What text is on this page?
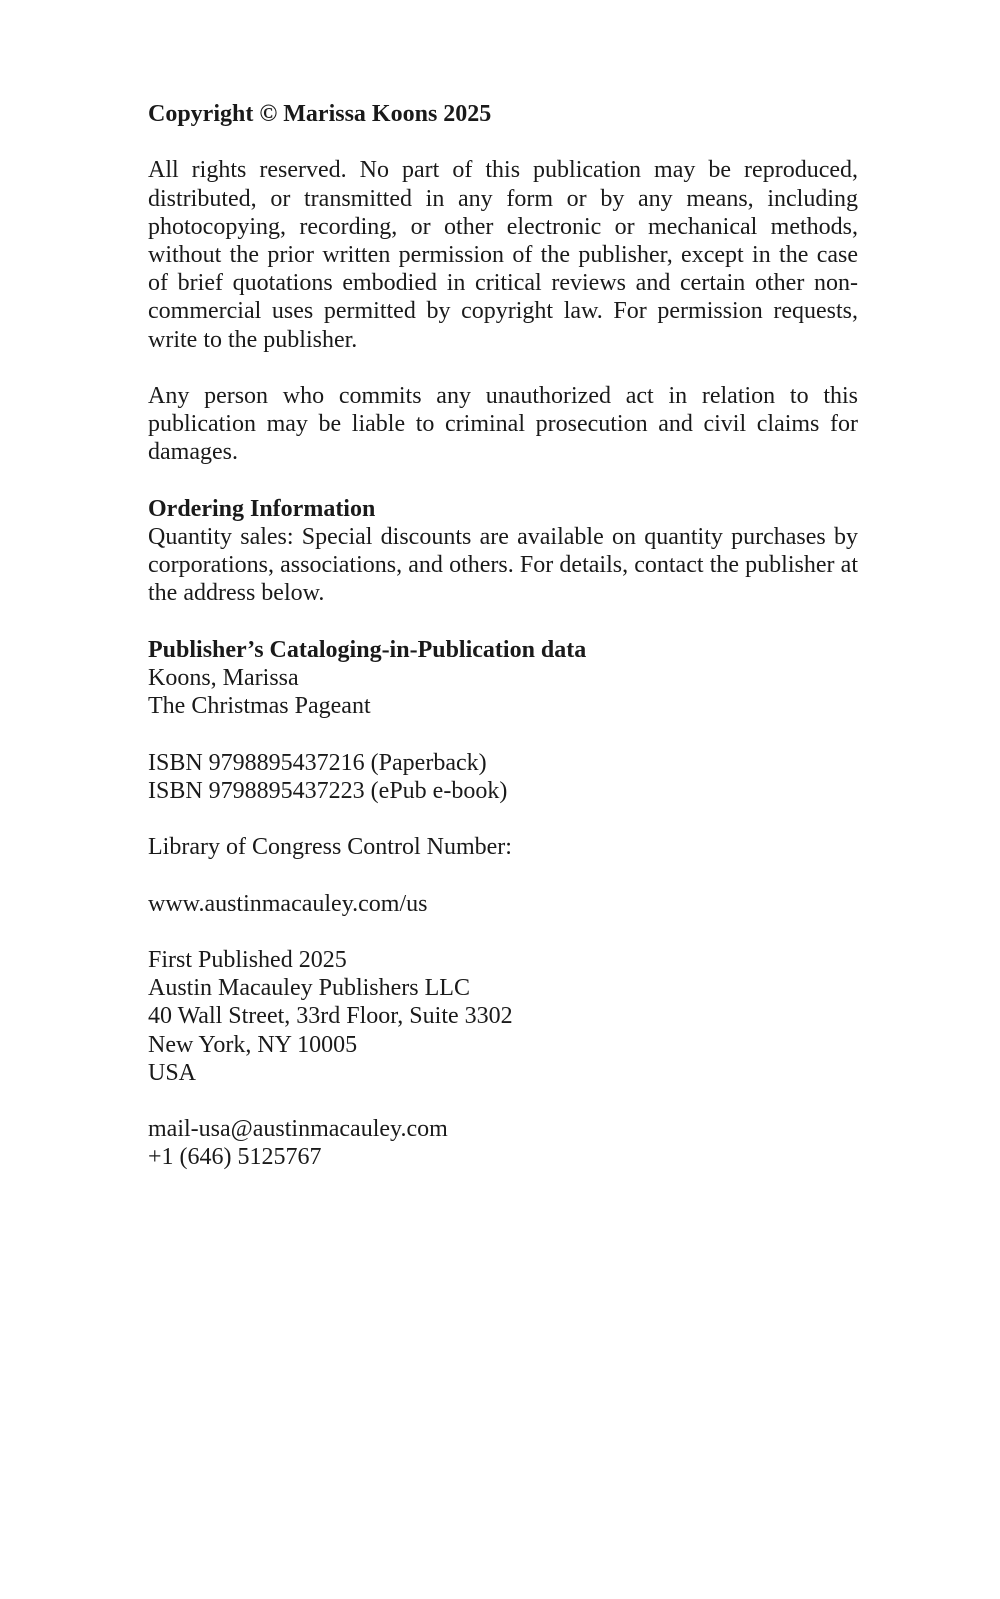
Copyright © Marissa Koons 2025
All rights reserved. No part of this publication may be reproduced, distributed, or transmitted in any form or by any means, including photocopying, recording, or other electronic or mechanical methods, without the prior written permission of the publisher, except in the case of brief quotations embodied in critical reviews and certain other non-commercial uses permitted by copyright law. For permission requests, write to the publisher.
Any person who commits any unauthorized act in relation to this publication may be liable to criminal prosecution and civil claims for damages.
Ordering Information
Quantity sales: Special discounts are available on quantity purchases by corporations, associations, and others. For details, contact the publisher at the address below.
Publisher’s Cataloging-in-Publication data
Koons, Marissa
The Christmas Pageant
ISBN 9798895437216 (Paperback)
ISBN 9798895437223 (ePub e-book)
Library of Congress Control Number:
www.austinmacauley.com/us
First Published 2025
Austin Macauley Publishers LLC
40 Wall Street, 33rd Floor, Suite 3302
New York, NY 10005
USA
mail-usa@austinmacauley.com
+1 (646) 5125767
